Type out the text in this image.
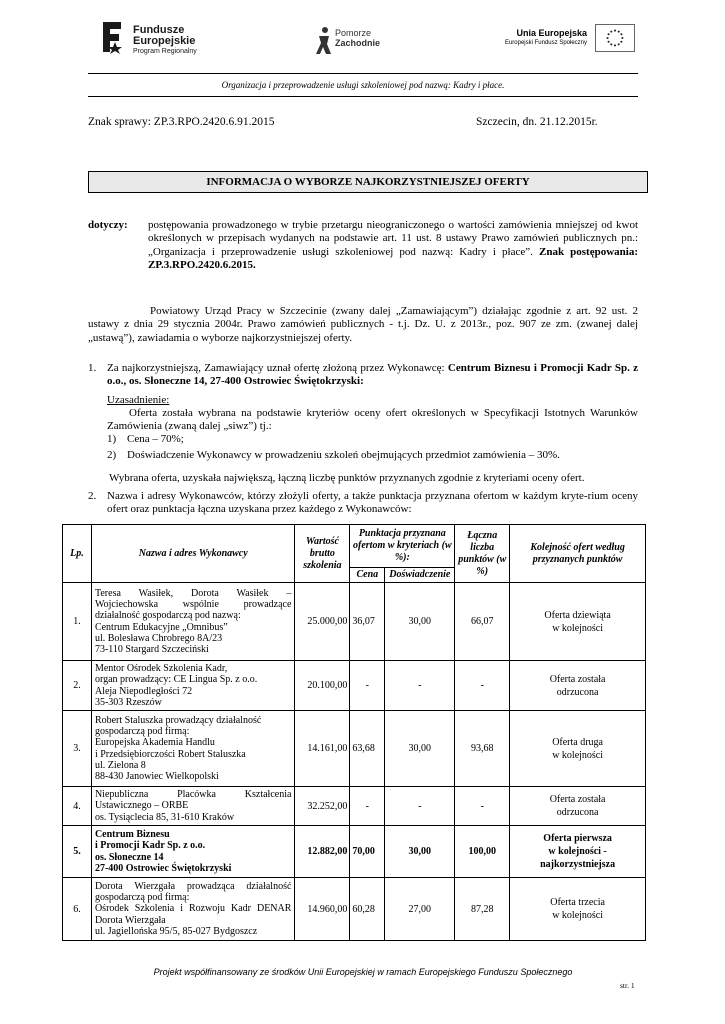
Fundusze
Europejskie
Program Regionalny
Pomorze
Zachodnie
Unia Europejska
Europejski Fundusz Społeczny
Organizacja i przeprowadzenie usługi szkoleniowej pod nazwą: Kadry i płace.
Znak sprawy: ZP.3.RPO.2420.6.91.2015	Szczecin, dn. 21.12.2015r.
INFORMACJA O WYBORZE NAJKORZYSTNIEJSZEJ OFERTY
dotyczy: postępowania prowadzonego w trybie przetargu nieograniczonego o wartości zamówienia mniejszej od kwot określonych w przepisach wydanych na podstawie art. 11 ust. 8 ustawy Prawo zamówień publicznych pn.: „Organizacja i przeprowadzenie usługi szkoleniowej pod nazwą: Kadry i płace”. Znak postępowania: ZP.3.RPO.2420.6.2015.
Powiatowy Urząd Pracy w Szczecinie (zwany dalej „Zamawiającym”) działając zgodnie z art. 92 ust. 2 ustawy z dnia 29 stycznia 2004r. Prawo zamówień publicznych - t.j. Dz. U. z 2013r., poz. 907 ze zm. (zwanej dalej „ustawą”), zawiadamia o wyborze najkorzystniejszej oferty.
1. Za najkorzystniejszą, Zamawiający uznał ofertę złożoną przez Wykonawcę: Centrum Biznesu i Promocji Kadr Sp. z o.o., os. Słoneczne 14, 27-400 Ostrowiec Świętokrzyski:
Uzasadnienie:
Oferta została wybrana na podstawie kryteriów oceny ofert określonych w Specyfikacji Istotnych Warunków Zamówienia (zwaną dalej „siwz”) tj.:
1) Cena – 70%;
2) Doświadczenie Wykonawcy w prowadzeniu szkoleń obejmujących przedmiot zamówienia – 30%.
Wybrana oferta, uzyskała największą, łączną liczbę punktów przyznanych zgodnie z kryteriami oceny ofert.
2. Nazwa i adresy Wykonawców, którzy złożyli oferty, a także punktacja przyznana ofertom w każdym kryte-rium oceny ofert oraz punktacja łączna uzyskana przez każdego z Wykonawców:
Lp.	Nazwa i adres Wykonawcy	Wartość brutto szkolenia	Punktacja przyznana ofertom w kryteriach (w %):		Łączna liczba punktów (w %)	Kolejność ofert według przyznanych punktów
			Cena	Doświadczenie		
1.	Teresa Wasiłek, Dorota Wasiłek – Wojciechowska wspólnie prowadzące działalność gospodarczą pod nazwą:
Centrum Edukacyjne „Omnibus”
ul. Bolesława Chrobrego 8A/23
73-110 Stargard Szczeciński	25.000,00	36,07	30,00	66,07	Oferta dziewiąta
w kolejności
2.	Mentor Ośrodek Szkolenia Kadr,
organ prowadzący: CE Lingua Sp. z o.o.
Aleja Niepodległości 72
35-303 Rzeszów	20.100,00	-	-	-	Oferta została
odrzucona
3.	Robert Staluszka prowadzący działalność gospodarczą pod firmą:
Europejska Akademia Handlu
i Przedsiębiorczości Robert Staluszka
ul. Zielona 8
88-430 Janowiec Wielkopolski	14.161,00	63,68	30,00	93,68	Oferta druga
w kolejności
4.	Niepubliczna Placówka Kształcenia Ustawicznego – ORBE
os. Tysiąclecia 85, 31-610 Kraków	32.252,00	-	-	-	Oferta została
odrzucona
5.	Centrum Biznesu
i Promocji Kadr Sp. z o.o.
os. Słoneczne 14
27-400 Ostrowiec Świętokrzyski	12.882,00	70,00	30,00	100,00	Oferta pierwsza
w kolejności -
najkorzystniejsza
6.	Dorota Wierzgała prowadząca działalność gospodarczą pod firmą:
Ośrodek Szkolenia i Rozwoju Kadr DENAR Dorota Wierzgała
ul. Jagiellońska 95/5, 85-027 Bydgoszcz	14.960,00	60,28	27,00	87,28	Oferta trzecia
w kolejności
Projekt współfinansowany ze środków Unii Europejskiej w ramach Europejskiego Funduszu Społecznego
str. 1
